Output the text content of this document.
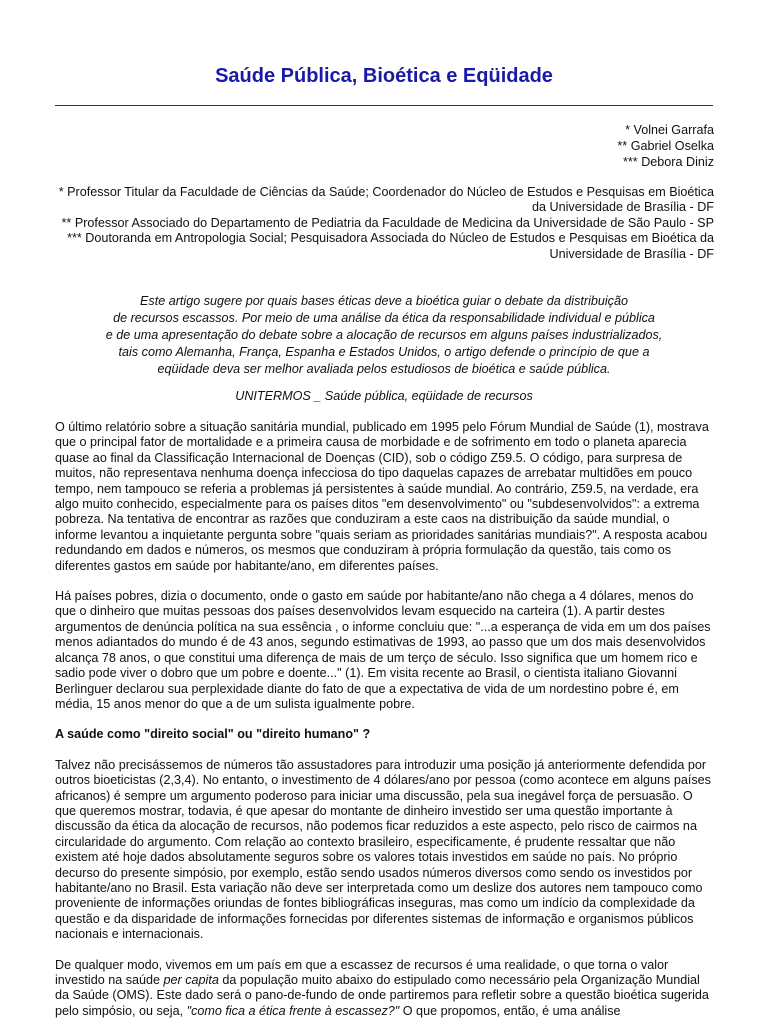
Saúde Pública, Bioética e Eqüidade
* Volnei Garrafa
** Gabriel Oselka
*** Debora Diniz

* Professor Titular da Faculdade de Ciências da Saúde; Coordenador do Núcleo de Estudos e Pesquisas em Bioética da Universidade de Brasília - DF

** Professor Associado do Departamento de Pediatria da Faculdade de Medicina da Universidade de São Paulo - SP

*** Doutoranda em Antropologia Social; Pesquisadora Associada do Núcleo de Estudos e Pesquisas em Bioética da Universidade de Brasília - DF

Este artigo sugere por quais bases éticas deve a bioética guiar o debate da distribuição
de recursos escassos. Por meio de uma análise da ética da responsabilidade individual e pública
e de uma apresentação do debate sobre a alocação de recursos em alguns países industrializados,
tais como Alemanha, França, Espanha e Estados Unidos, o artigo defende o princípio de que a
eqüidade deva ser melhor avaliada pelos estudiosos de bioética e saúde pública.

UNITERMOS _ Saúde pública, eqüidade de recursos

O último relatório sobre a situação sanitária mundial, publicado em 1995 pelo Fórum Mundial de Saúde (1), mostrava que o principal fator de mortalidade e a primeira causa de morbidade e de sofrimento em todo o planeta aparecia quase ao final da Classificação Internacional de Doenças (CID), sob o código Z59.5. O código, para surpresa de muitos, não representava nenhuma doença infecciosa do tipo daquelas capazes de arrebatar multidões em pouco tempo, nem tampouco se referia a problemas já persistentes à saúde mundial. Ao contrário, Z59.5, na verdade, era algo muito conhecido, especialmente para os países ditos "em desenvolvimento" ou "subdesenvolvidos": a extrema pobreza. Na tentativa de encontrar as razões que conduziram a este caos na distribuição da saúde mundial, o informe levantou a inquietante pergunta sobre "quais seriam as prioridades sanitárias mundiais?". A resposta acabou redundando em dados e números, os mesmos que conduziram à própria formulação da questão, tais como os diferentes gastos em saúde por habitante/ano, em diferentes países.

Há países pobres, dizia o documento, onde o gasto em saúde por habitante/ano não chega a 4 dólares, menos do que o dinheiro que muitas pessoas dos países desenvolvidos levam esquecido na carteira (1). A partir destes argumentos de denúncia política na sua essência , o informe concluiu que: "...a esperança de vida em um dos países menos adiantados do mundo é de 43 anos, segundo estimativas de 1993, ao passo que um dos mais desenvolvidos alcança 78 anos, o que constitui uma diferença de mais de um terço de século. Isso significa que um homem rico e sadio pode viver o dobro que um pobre e doente..." (1). Em visita recente ao Brasil, o cientista italiano Giovanni Berlinguer declarou sua perplexidade diante do fato de que a expectativa de vida de um nordestino pobre é, em média, 15 anos menor do que a de um sulista igualmente pobre.

A saúde como "direito social" ou "direito humano" ?

Talvez não precisássemos de números tão assustadores para introduzir uma posição já anteriormente defendida por outros bioeticistas (2,3,4). No entanto, o investimento de 4 dólares/ano por pessoa (como acontece em alguns países africanos) é sempre um argumento poderoso para iniciar uma discussão, pela sua inegável força de persuasão. O que queremos mostrar, todavia, é que apesar do montante de dinheiro investido ser uma questão importante à discussão da ética da alocação de recursos, não podemos ficar reduzidos a este aspecto, pelo risco de cairmos na circularidade do argumento. Com relação ao contexto brasileiro, especificamente, é prudente ressaltar que não existem até hoje dados absolutamente seguros sobre os valores totais investidos em saúde no país. No próprio decurso do presente simpósio, por exemplo, estão sendo usados números diversos como sendo os investidos por habitante/ano no Brasil. Esta variação não deve ser interpretada como um deslize dos autores nem tampouco como proveniente de informações oriundas de fontes bibliográficas inseguras, mas como um indício da complexidade da questão e da disparidade de informações fornecidas por diferentes sistemas de informação e organismos públicos nacionais e internacionais.

De qualquer modo, vivemos em um país em que a escassez de recursos é uma realidade, o que torna o valor investido na saúde per capita da população muito abaixo do estipulado como necessário pela Organização Mundial da Saúde (OMS). Este dado será o pano-de-fundo de onde partiremos para refletir sobre a questão bioética sugerida pelo simpósio, ou seja, "como fica a ética frente à escassez?" O que propomos, então, é uma análise
